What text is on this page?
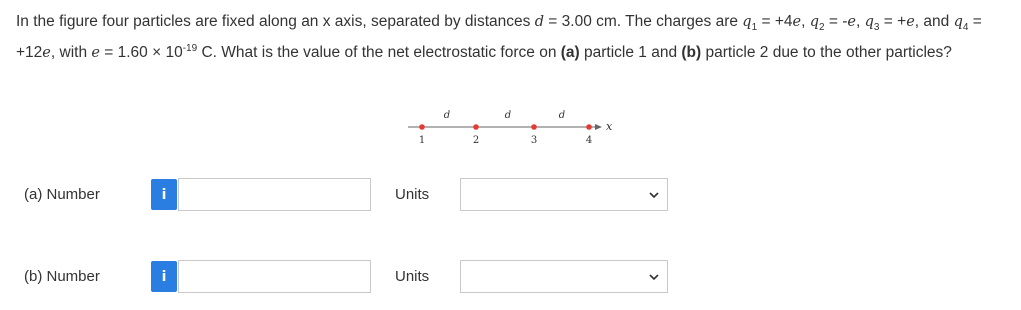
In the figure four particles are fixed along an x axis, separated by distances d = 3.00 cm. The charges are $q_1 = +4e$, $q_2 = -e$, $q_3 = +e$, and $q_4 = +12e$, with $e = 1.60 \times 10^{-19}$ C. What is the value of the net electrostatic force on (a) particle 1 and (b) particle 2 due to the other particles?
x
d	d	d
1	2	3	4
(a) Number	i	Units
(b) Number	i	Units
